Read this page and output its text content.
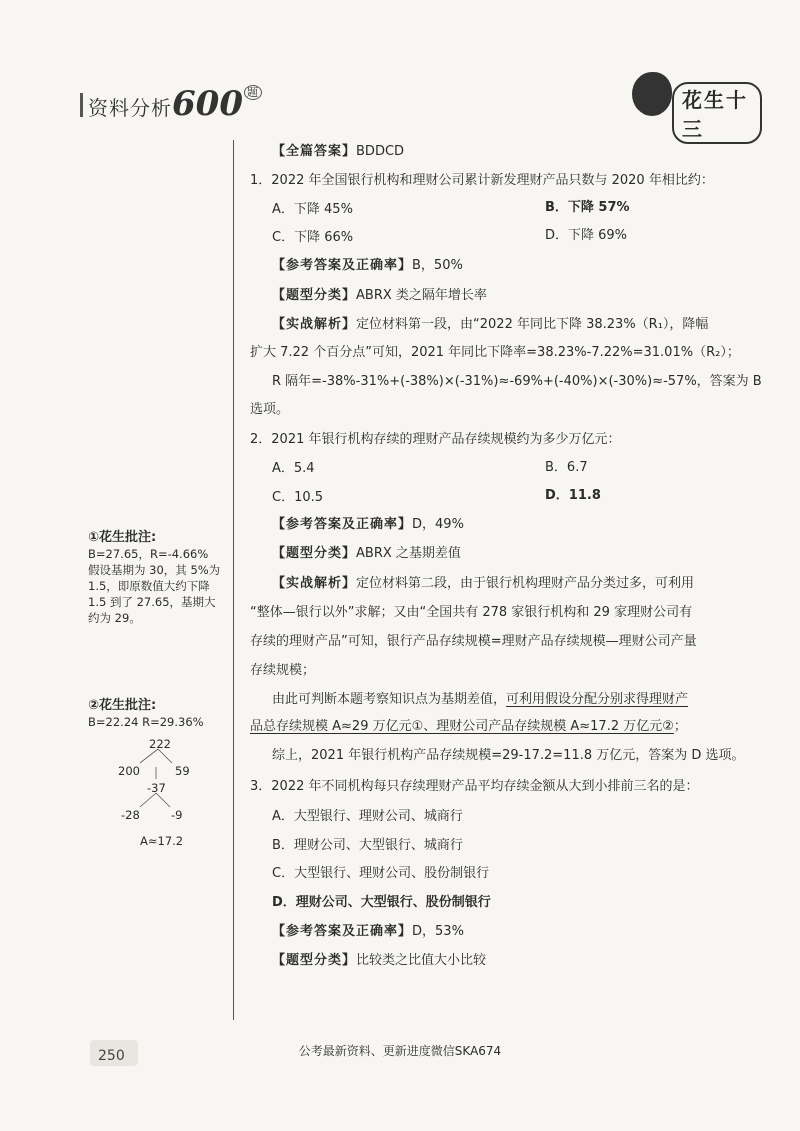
资料分析600 $^题$	花生十三
【全篇答案】BDDCD
1．2022 年全国银行机构和理财公司累计新发理财产品只数与 2020 年相比约：
A．下降 45%	B．下降 57%
C．下降 66%	D．下降 69%
【参考答案及正确率】B，50%
【题型分类】ABRX 类之隔年增长率
【实战解析】定位材料第一段，由“2022 年同比下降 38.23%（R₁），降幅
扩大 7.22 个百分点”可知，2021 年同比下降率=38.23%-7.22%=31.01%（R₂）；
R 隔年=-38%-31%+(-38%)×(-31%)≈-69%+(-40%)×(-30%)≈-57%，答案为 B
选项。
2．2021 年银行机构存续的理财产品存续规模约为多少万亿元：
A．5.4	B．6.7
C．10.5	D．11.8
【参考答案及正确率】D，49%
【题型分类】ABRX 之基期差值
【实战解析】定位材料第二段，由于银行机构理财产品分类过多，可利用
“整体—银行以外”求解；又由“全国共有 278 家银行机构和 29 家理财公司有
存续的理财产品”可知，银行产品存续规模=理财产品存续规模—理财公司产量
存续规模；
由此可判断本题考察知识点为基期差值，可利用假设分配分别求得理财产
品总存续规模 A≈29 万亿元①、理财公司产品存续规模 A≈17.2 万亿元②；
综上，2021 年银行机构产品存续规模=29-17.2=11.8 万亿元，答案为 D 选项。
3．2022 年不同机构每只存续理财产品平均存续金额从大到小排前三名的是：
A．大型银行、理财公司、城商行
B．理财公司、大型银行、城商行
C．大型银行、理财公司、股份制银行
D．理财公司、大型银行、股份制银行
【参考答案及正确率】D，53%
【题型分类】比较类之比值大小比较
①花生批注:
B=27.65，R=-4.66%
假设基期为 30，其 5%为
1.5，即原数值大约下降
1.5 到了 27.65，基期大
约为 29。
②花生批注:
B=22.24 R=29.36%
222
200	59
-37
-28	-9
A≈17.2
250	公考最新资料、更新进度微信SKA674
